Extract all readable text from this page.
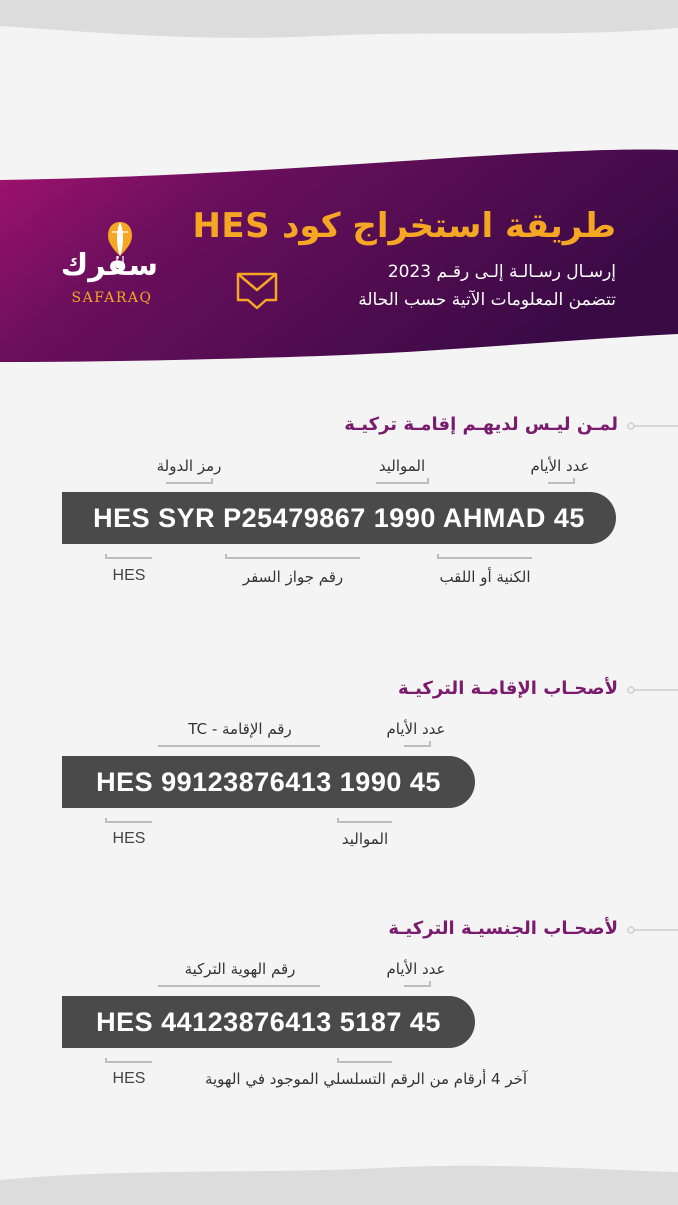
طريقة استخراج كود HES
إرسـال رسـالـة إلـى رقـم 2023
تتضمن المعلومات الآتية حسب الحالة
سفرك
SAFARAQ
لمـن ليـس لديهـم إقامـة تركيـة
عدد الأيام
المواليد
رمز الدولة
HES SYR P25479867 1990 AHMAD 45
الكنية أو اللقب
رقم جواز السفر
HES
لأصحـاب الإقامـة التركيـة
عدد الأيام
رقم الإقامة - TC
HES 99123876413 1990 45
المواليد
HES
لأصحـاب الجنسيـة التركيـة
عدد الأيام
رقم الهوية التركية
HES 44123876413 5187 45
آخر 4 أرقام من الرقم التسلسلي الموجود في الهوية
HES
